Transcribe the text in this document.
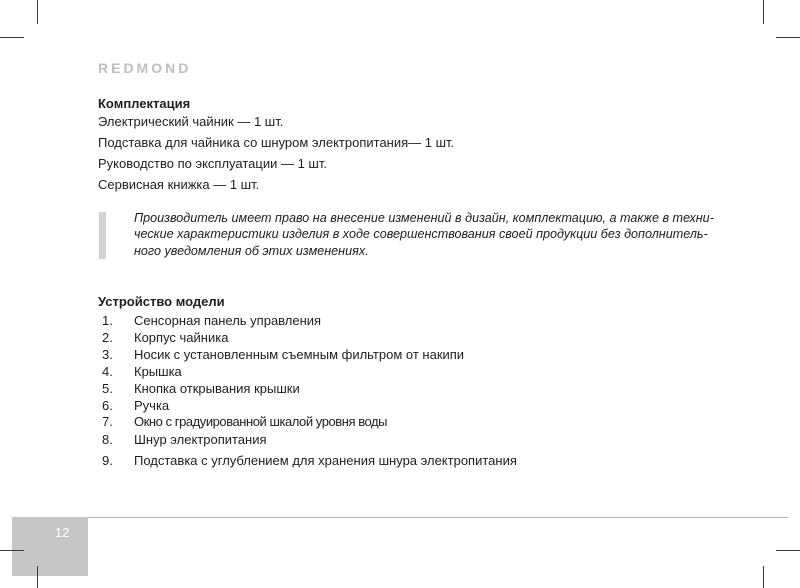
REDMOND
Комплектация
Электрический чайник — 1 шт.
Подставка для чайника со шнуром электропитания— 1 шт.
Руководство по эксплуатации — 1 шт.
Сервисная книжка — 1 шт.
Производитель имеет право на внесение изменений в дизайн, комплектацию, а также в техни-
ческие характеристики изделия в ходе совершенствования своей продукции без дополнитель-
ного уведомления об этих изменениях.
Устройство модели
1. Сенсорная панель управления
2. Корпус чайника
3. Носик с установленным съемным фильтром от накипи
4. Крышка
5. Кнопка открывания крышки
6. Ручка
7. Окно с градуированной шкалой уровня воды
8. Шнур электропитания
9. Подставка с углублением для хранения шнура электропитания
12
